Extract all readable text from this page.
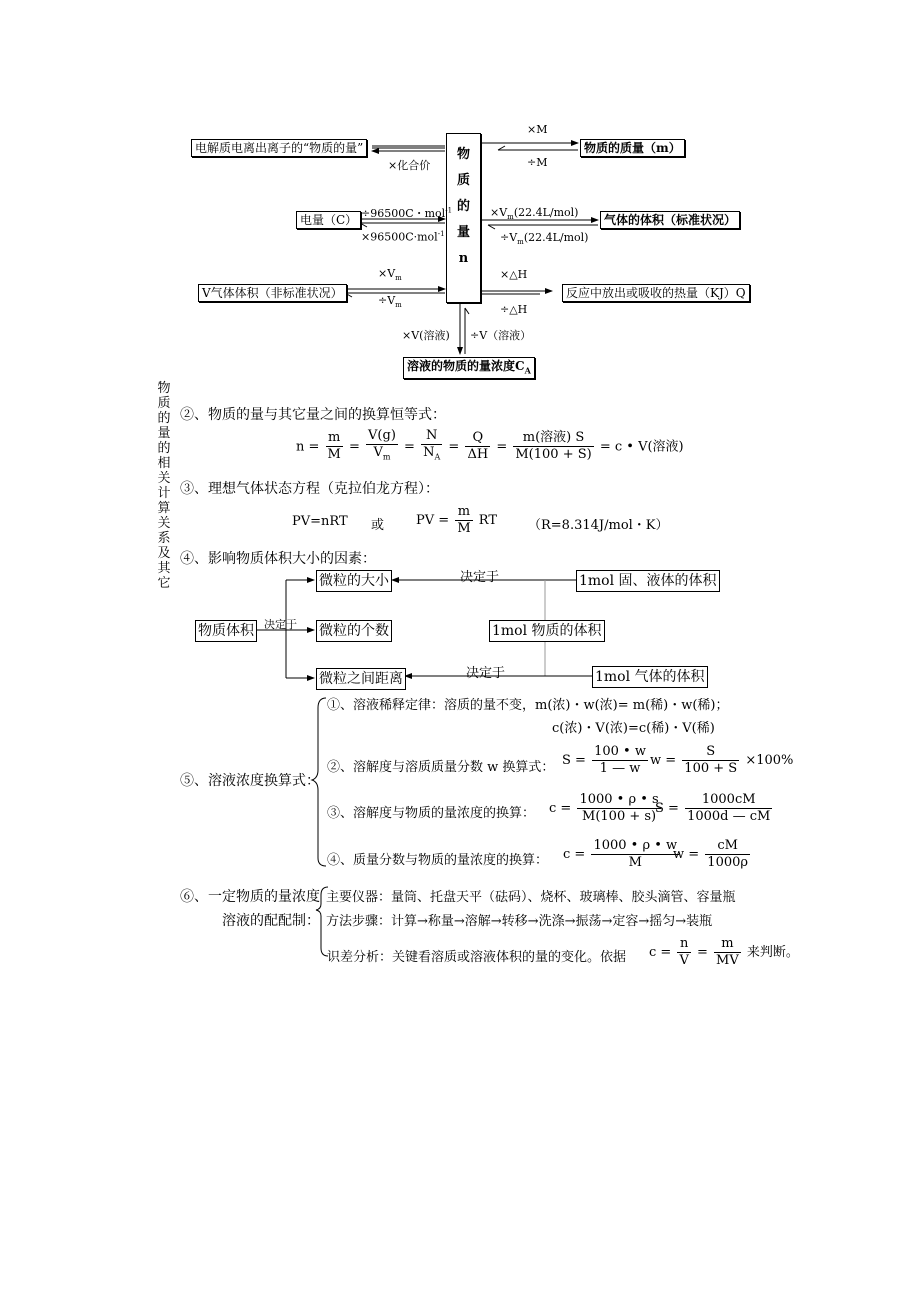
物
质
的
量
n
电解质电离出离子的“物质的量”
电量（C）
V气体体积（非标准状况）
物质的质量（m）
气体的体积（标准状况）
反应中放出或吸收的热量（KJ）Q
溶液的物质的量浓度$C_A$
×M
÷M
×化合价
÷96500C・mol$^{-1}$
×96500C·mol$^{-1}$
$\times V_m(22.4L/mol)$
$\div V_m(22.4L/mol)$
$\times V_m$
$\div V_m$
×△H
÷△H
×V(溶液) ÷V（溶液）
物
质
的
量
的
相
关
计
算
关
系
及
其
它
②、物质的量与其它量之间的换算恒等式：
$n = \frac{m}{M} = \frac{V(g)}{V_m} = \frac{N}{N_A} = \frac{Q}{\Delta H} = \frac{\text{m(溶液) S}}{M(100 + S)} = c$ • V(溶液)
③、理想气体状态方程（克拉伯龙方程）：
PV=nRT 或 PV = $\frac{m}{M}$ RT （R=8.314J/mol・K）
④、影响物质体积大小的因素：
物质体积 决定于
微粒的大小
微粒的个数
微粒之间距离
决定于
决定于
1mol 固、液体的体积
1mol 物质的体积
1mol 气体的体积
⑤、溶液浓度换算式：
①、溶液稀释定律：溶质的量不变，m(浓)・w(浓)= m(稀)・w(稀)；
c(浓)・V(浓)=c(稀)・V(稀)
②、溶解度与溶质质量分数 w 换算式： $S = \frac{100 • w}{1 — w}$ $w = \frac{S}{100 + S} \times 100\%$
③、溶解度与物质的量浓度的换算： $c = \frac{1000 • \rho • s}{M(100 + s)}$
$S = \frac{1000cM}{1000d — cM}$
④、质量分数与物质的量浓度的换算： $c = \frac{1000 • \rho • w}{M}$
$w = \frac{cM}{1000\rho}$
⑥、一定物质的量浓度
溶液的配配制：
主要仪器：量筒、托盘天平（砝码）、烧杯、玻璃棒、胶头滴管、容量瓶
方法步骤：计算→称量→溶解→转移→洗涤→振荡→定容→摇匀→装瓶
识差分析：关键看溶质或溶液体积的量的变化。依据 $c = \frac{n}{V} = \frac{m}{MV}$ 来判断。
